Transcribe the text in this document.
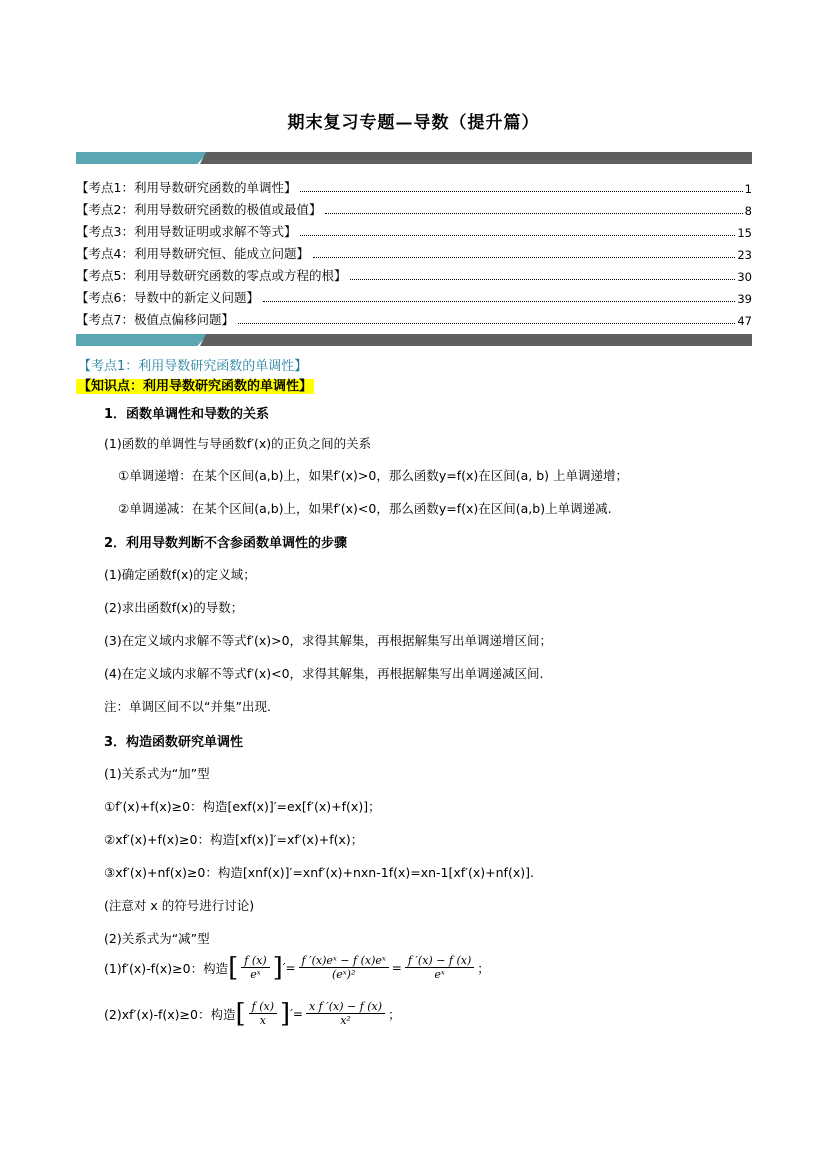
期末复习专题—导数（提升篇）
【考点1：利用导数研究函数的单调性】	1
【考点2：利用导数研究函数的极值或最值】	8
【考点3：利用导数证明或求解不等式】	15
【考点4：利用导数研究恒、能成立问题】	23
【考点5：利用导数研究函数的零点或方程的根】	30
【考点6：导数中的新定义问题】	39
【考点7：极值点偏移问题】	47
【考点1：利用导数研究函数的单调性】
【知识点：利用导数研究函数的单调性】
1．函数单调性和导数的关系
(1)函数的单调性与导函数f′(x)的正负之间的关系
①单调递增：在某个区间(a,b)上，如果f′(x)>0，那么函数y=f(x)在区间(a, b) 上单调递增；
②单调递减：在某个区间(a,b)上，如果f′(x)<0，那么函数y=f(x)在区间(a,b)上单调递减.
2．利用导数判断不含参函数单调性的步骤
(1)确定函数f(x)的定义域；
(2)求出函数f(x)的导数；
(3)在定义域内求解不等式f′(x)>0，求得其解集，再根据解集写出单调递增区间；
(4)在定义域内求解不等式f′(x)<0，求得其解集，再根据解集写出单调递减区间.
注：单调区间不以“并集”出现.
3．构造函数研究单调性
(1)关系式为“加”型
①f′(x)+f(x)≥0：构造[exf(x)]′=ex[f′(x)+f(x)]；
②xf′(x)+f(x)≥0：构造[xf(x)]′=xf′(x)+f(x)；
③xf′(x)+nf(x)≥0：构造[xnf(x)]′=xnf′(x)+nxn-1f(x)=xn-1[xf′(x)+nf(x)].
(注意对 x 的符号进行讨论)
(2)关系式为“减”型
(1)f′(x)-f(x)≥0：构造 [ $\frac{f (x)}{\text{eˣ}}$ ] ′= $\frac{\text{f ′(x)eˣ − f (x)eˣ}}{\text{(eˣ)²}} = \frac{f '(x) - f (x)}{\text{eˣ}}$ ；
(2)xf′(x)-f(x)≥0：构造 [ $\frac{f (x)}{x}$ ] ′= $\frac{\text{x f ′(x) − f (x)}}{\text{x²}}$ ；
